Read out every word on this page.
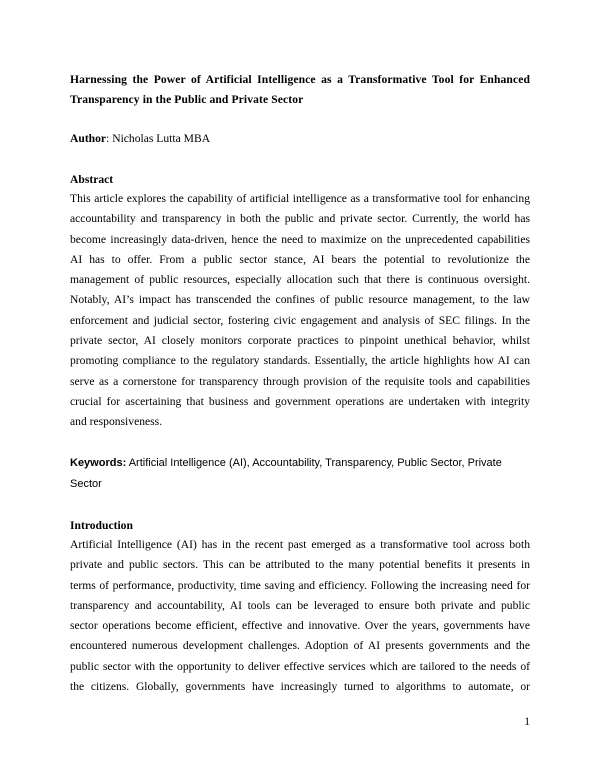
Harnessing the Power of Artificial Intelligence as a Transformative Tool for Enhanced
Transparency in the Public and Private Sector
Author: Nicholas Lutta MBA
Abstract
This article explores the capability of artificial intelligence as a transformative tool for enhancing
accountability and transparency in both the public and private sector. Currently, the world has
become increasingly data-driven, hence the need to maximize on the unprecedented capabilities
AI has to offer. From a public sector stance, AI bears the potential to revolutionize the
management of public resources, especially allocation such that there is continuous oversight.
Notably, AI’s impact has transcended the confines of public resource management, to the law
enforcement and judicial sector, fostering civic engagement and analysis of SEC filings. In the
private sector, AI closely monitors corporate practices to pinpoint unethical behavior, whilst
promoting compliance to the regulatory standards. Essentially, the article highlights how AI can
serve as a cornerstone for transparency through provision of the requisite tools and capabilities
crucial for ascertaining that business and government operations are undertaken with integrity
and responsiveness.
Keywords: Artificial Intelligence (AI), Accountability, Transparency, Public Sector, Private
Sector
Introduction
Artificial Intelligence (AI) has in the recent past emerged as a transformative tool across both
private and public sectors. This can be attributed to the many potential benefits it presents in
terms of performance, productivity, time saving and efficiency. Following the increasing need for
transparency and accountability, AI tools can be leveraged to ensure both private and public
sector operations become efficient, effective and innovative. Over the years, governments have
encountered numerous development challenges. Adoption of AI presents governments and the
public sector with the opportunity to deliver effective services which are tailored to the needs of
the citizens. Globally, governments have increasingly turned to algorithms to automate, or
1
